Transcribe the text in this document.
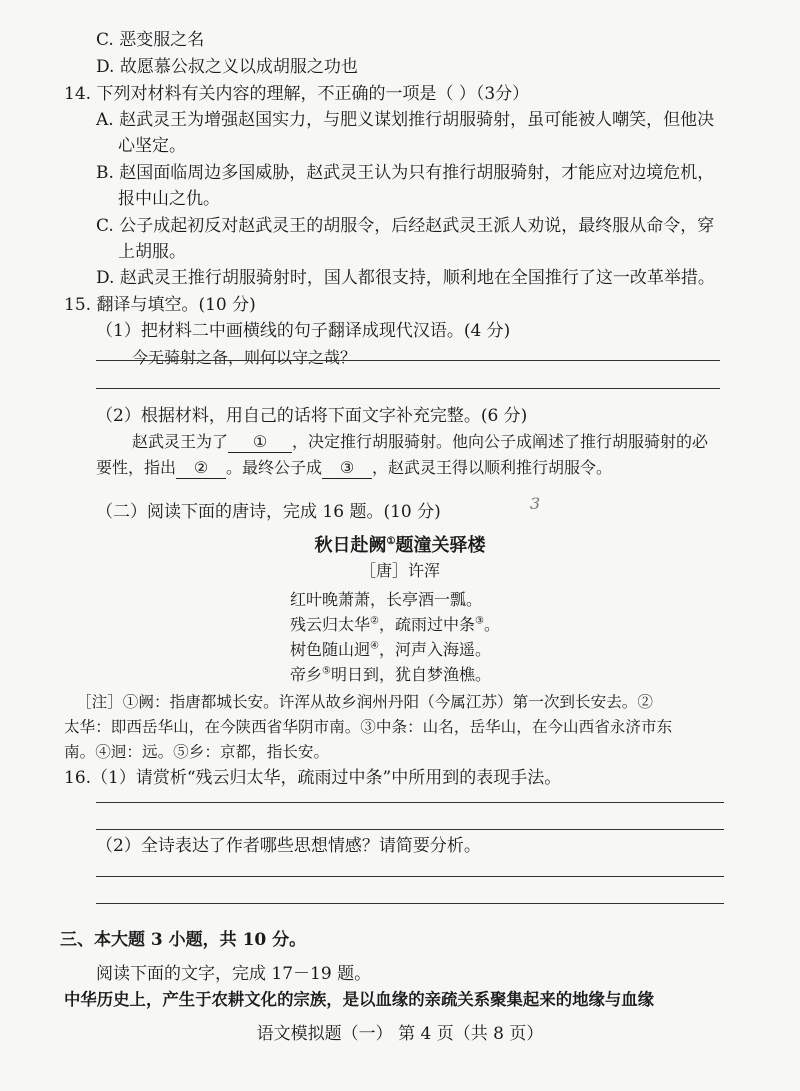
C. 恶变服之名
D. 故愿慕公叔之义以成胡服之功也
14. 下列对材料有关内容的理解，不正确的一项是（ ）（3分）
A. 赵武灵王为增强赵国实力，与肥义谋划推行胡服骑射，虽可能被人嘲笑，但他决
心坚定。
B. 赵国面临周边多国威胁，赵武灵王认为只有推行胡服骑射，才能应对边境危机，
报中山之仇。
C. 公子成起初反对赵武灵王的胡服令，后经赵武灵王派人劝说，最终服从命令，穿
上胡服。
D. 赵武灵王推行胡服骑射时，国人都很支持，顺利地在全国推行了这一改革举措。
15. 翻译与填空。(10 分)
（1）把材料二中画横线的句子翻译成现代汉语。(4 分)
今无骑射之备，则何以守之哉？
（2）根据材料，用自己的话将下面文字补充完整。(6 分)
赵武灵王为了 ① ，决定推行胡服骑射。他向公子成阐述了推行胡服骑射的必
要性，指出 ② 。最终公子成 ③ ，赵武灵王得以顺利推行胡服令。
（二）阅读下面的唐诗，完成 16 题。(10 分)	3
秋日赴阙①题潼关驿楼
［唐］许浑
红叶晚萧萧，长亭酒一瓢。
残云归太华②，疏雨过中条③。
树色随山迥④，河声入海遥。
帝乡⑤明日到，犹自梦渔樵。
［注］①阙：指唐都城长安。许浑从故乡润州丹阳（今属江苏）第一次到长安去。②
太华：即西岳华山，在今陕西省华阴市南。③中条：山名，岳华山，在今山西省永济市东
南。④迥：远。⑤乡：京都，指长安。
16.（1）请赏析“残云归太华，疏雨过中条”中所用到的表现手法。
（2）全诗表达了作者哪些思想情感？请简要分析。
三、本大题 3 小题，共 10 分。
阅读下面的文字，完成 17－19 题。
中华历史上，产生于农耕文化的宗族，是以血缘的亲疏关系聚集起来的地缘与血缘
语文模拟题（一） 第 4 页（共 8 页）
